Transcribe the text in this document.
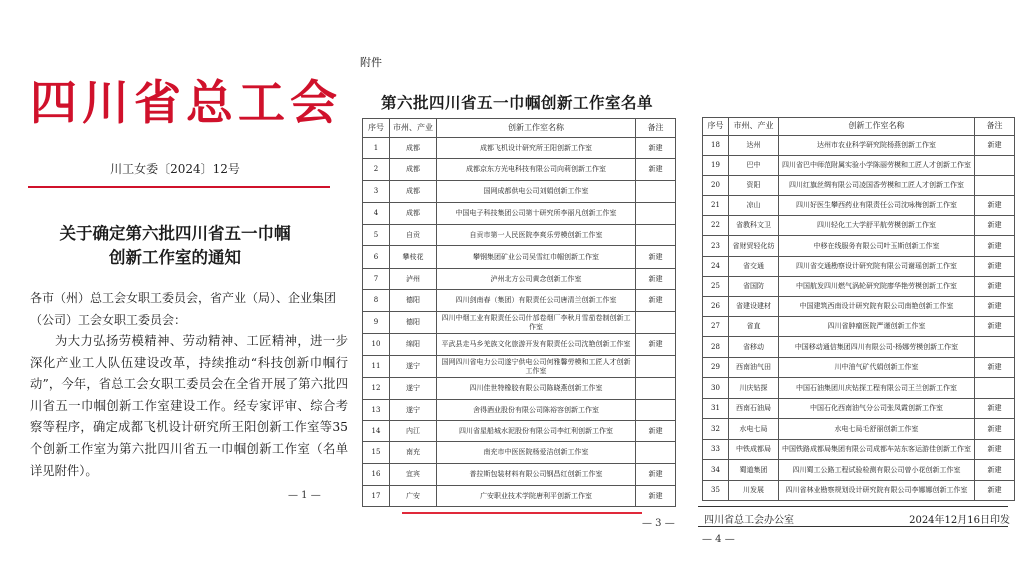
四川省总工会
川工女委〔2024〕12号
关于确定第六批四川省五一巾帼
创新工作室的通知
各市（州）总工会女职工委员会，省产业（局）、企业集团（公司）工会女职工委员会：
为大力弘扬劳模精神、劳动精神、工匠精神，进一步深化产业工人队伍建设改革，持续推动“科技创新巾帼行动”，今年，省总工会女职工委员会在全省开展了第六批四川省五一巾帼创新工作室建设工作。经专家评审、综合考察等程序，确定成都飞机设计研究所王阳创新工作室等35个创新工作室为第六批四川省五一巾帼创新工作室（名单详见附件）。
— 1 —
附件
第六批四川省五一巾帼创新工作室名单
序号	市州、产业	创新工作室名称	备注
1	成都	成都飞机设计研究所王阳创新工作室	新建
2	成都	成都京东方光电科技有限公司向莉创新工作室	新建
3	成都	国网成都供电公司刘娟创新工作室	
4	成都	中国电子科技集团公司第十研究所李丽凡创新工作室	
5	自贡	自贡市第一人民医院李爽乐劳模创新工作室	
6	攀枝花	攀钢集团矿业公司吴雪红巾帼创新工作室	新建
7	泸州	泸州北方公司黄念创新工作室	新建
8	德阳	四川剑南春（集团）有限责任公司唐清兰创新工作室	新建
9	德阳	四川中烟工业有限责任公司什邡卷烟厂李秋月雪茄卷制创新工作室	
10	绵阳	平武县走马乡羌族文化旅游开发有限责任公司沈艳创新工作室	新建
11	遂宁	国网四川省电力公司遂宁供电公司何雅馨劳模和工匠人才创新工作室	
12	遂宁	四川佳世特橡胶有限公司陈晓燕创新工作室	
13	遂宁	舍得酒业股份有限公司陈裕容创新工作室	
14	内江	四川省星船城水泥股份有限公司李红利创新工作室	新建
15	南充	南充市中医医院杨爱洁创新工作室	
16	宜宾	普拉斯包装材料有限公司钢昌红创新工作室	新建
17	广安	广安职业技术学院唐利平创新工作室	新建
— 3 —
序号	市州、产业	创新工作室名称	备注
18	达州	达州市农业科学研究院杨燕创新工作室	新建
19	巴中	四川省巴中师范附属实验小学陈丽劳模和工匠人才创新工作室	
20	资阳	四川红旗丝绸有限公司凌国香劳模和工匠人才创新工作室	
21	凉山	四川好医生攀西药业有限责任公司沈咏梅创新工作室	新建
22	省教科文卫	四川轻化工大学舒平航劳模创新工作室	新建
23	省财贸轻化纺	中移在线服务有限公司叶玉斯创新工作室	新建
24	省交通	四川省交通勘察设计研究院有限公司谢瑶创新工作室	新建
25	省国防	中国航发四川燃气涡轮研究院廖华艳劳模创新工作室	新建
26	省建设建材	中国建筑西南设计研究院有限公司南艳创新工作室	新建
27	省直	四川省肿瘤医院严谨创新工作室	新建
28	省移动	中国移动通信集团四川有限公司-杨娜劳模创新工作室	
29	西南油气田	川中油气矿代娟创新工作室	新建
30	川庆钻探	中国石油集团川庆钻探工程有限公司王兰创新工作室	
31	西南石油局	中国石化西南油气分公司张凤霞创新工作室	新建
32	水电七局	水电七局毛舒丽创新工作室	新建
33	中铁成都局	中国铁路成都局集团有限公司成都车站东客运游佳创新工作室	新建
34	蜀道集团	四川蜀工公路工程试验检测有限公司曾小花创新工作室	新建
35	川发展	四川省林业勘察规划设计研究院有限公司李娜娜创新工作室	新建
四川省总工会办公室	2024年12月16日印发
— 4 —
